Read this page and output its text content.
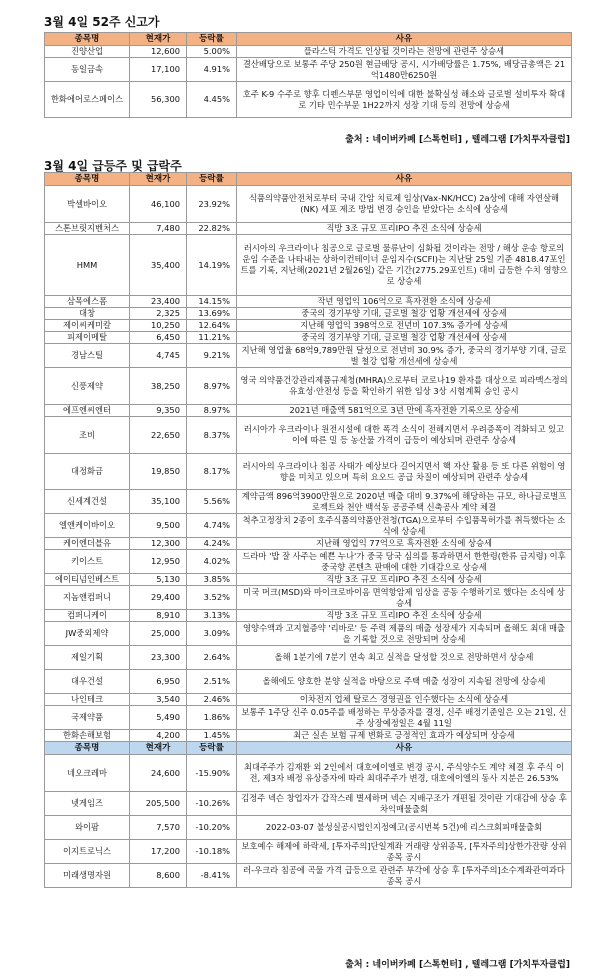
3월 4일 52주 신고가
종목명	현재가	등락률	사유
진양산업	12,600	5.00%	플라스틱 가격도 인상될 것이라는 전망에 관련주 상승세
동일금속	17,100	4.91%	결산배당으로 보통주 주당 250원 현금배당 공시, 시가배당률은 1.75%, 배당금총액은 21억1480만6250원
한화에어로스페이스	56,300	4.45%	호주 K-9 수주로 향후 디펜스부문 영업이익에 대한 불확실성 해소와 글로벌 설비투자 확대로 기타 민수부문 1H22까지 성장 기대 등의 전망에 상승세
출처 : 네이버카페 [스톡헌터] , 텔레그램 [가치투자클럽]
3월 4일 급등주 및 급락주
종목명	현재가	등락률	사유
박셀바이오	46,100	23.92%	식품의약품안전처로부터 국내 간암 치료제 임상(Vax-NK/HCC) 2a상에 대해 자연살해(NK) 세포 제조 방법 변경 승인을 받았다는 소식에 상승세
스톤브릿지벤처스	7,480	22.82%	직방 3조 규모 프리IPO 추진 소식에 상승세
HMM	35,400	14.19%	러시아의 우크라이나 침공으로 글로벌 물류난이 심화될 것이라는 전망 / 해상 운송 항로의 운임 수준을 나타내는 상하이컨테이너 운임지수(SCFI)는 지난달 25일 기준 4818.47포인트를 기록, 지난해(2021년 2월26일) 같은 기간(2775.29포인트) 대비 급등한 수치 영향으로 상승세
삼목에스폼	23,400	14.15%	작년 영업익 106억으로 흑자전환 소식에 상승세
대창	2,325	13.69%	중국의 경기부양 기대, 글로벌 철강 업황 개선세에 상승세
제이씨케미칼	10,250	12.64%	지난해 영업익 398억으로 전년비 107.3% 증가에 상승세
피제이메탈	6,450	11.21%	중국의 경기부양 기대, 글로벌 철강 업황 개선세에 상승세
경남스틸	4,745	9.21%	지난해 영업율 68억9,789만원 달성으로 전년비 30.9% 증가, 중국의 경기부양 기대, 글로벌 철강 업황 개선세에 상승세
신풍제약	38,250	8.97%	영국 의약품건강관리제품규제청(MHRA)으로부터 코로나19 환자를 대상으로 피라맥스정의 유효성·안전성 등을 확인하기 위한 임상 3상 시험계획 승인 공시
에프엔씨엔터	9,350	8.97%	2021년 매출액 581억으로 3년 만에 흑자전환 기록으로 상승세
조비	22,650	8.37%	러시아가 우크라이나 원전시설에 대한 폭격 소식이 전해지면서 우려증폭이 격화되고 있고 이에 따른 밀 등 농산물 가격이 급등이 예상되며 관련주 상승세
대정화금	19,850	8.17%	러시아의 우크라이나 침공 사태가 예상보다 길어지면서 핵 자산 활용 등 또 다른 위험이 영향을 미치고 있으며 특히 요오드 공급 차질이 예상되며 관련주 상승세
신세계건설	35,100	5.56%	계약금액 896억3900만원으로 2020년 매출 대비 9.37%에 해당하는 규모, 하나글로벌프로젝트와 천안 백석동 공공주택 신축공사 계약 체결
엘앤케이바이오	9,500	4.74%	척추고정장치 2종이 호주식품의약품안전청(TGA)으로부터 수입품목허가를 취득했다는 소식에 상승세
케이엔더블유	12,300	4.24%	지난해 영업익 77억으로 흑자전환 소식에 상승세
키이스트	12,950	4.02%	드라마 '밥 잘 사주는 예쁜 누나'가 중국 당국 심의를 통과하면서 한한령(한류 금지령) 이후 중국향 콘텐츠 판매에 대한 기대감으로 상승세
에이티넘인베스트	5,130	3.85%	직방 3조 규모 프리IPO 추진 소식에 상승세
지놈앤컴퍼니	29,400	3.52%	미국 머크(MSD)와 마이크로바이옴 면역항암제 임상을 공동 수행하기로 했다는 소식에 상승세
컴퍼니케이	8,910	3.13%	직방 3조 규모 프리IPO 추진 소식에 상승세
JW중외제약	25,000	3.09%	영양수액과 고지혈증약 '리바로' 등 주력 제품의 매출 성장세가 지속되며 올해도 최대 매출을 기록할 것으로 전망되며 상승세
제일기획	23,300	2.64%	올해 1분기에 7분기 연속 최고 실적을 달성할 것으로 전망하면서 상승세
대우건설	6,950	2.51%	올해에도 양호한 분양 실적을 바탕으로 주택 매출 성장이 지속될 전망에 상승세
나인테크	3,540	2.46%	이차전지 업체 탈로스 경영권을 인수했다는 소식에 상승세
국제약품	5,490	1.86%	보통주 1주당 신주 0.05주를 배정하는 무상증자를 결정, 신주 배정기준일은 오는 21일, 신주 상장예정일은 4월 11일
한화손해보험	4,200	1.45%	최근 실손 보험 규제 변화로 긍정적인 효과가 예상되며 상승세
종목명	현재가	등락률	사유
네오크레마	24,600	-15.90%	최대주주가 김재환 외 2인에서 대호에이엘로 변경 공시, 주식양수도 계약 체결 후 주식 이전, 제3자 배정 유상증자에 따라 최대주주가 변경, 대호에이엘의 동사 지분은 26.53%
넷게임즈	205,500	-10.26%	김정주 넥슨 창업자가 갑작스레 별세하며 넥슨 지배구조가 개편될 것이란 기대감에 상승 후 차익매물출회
와이팜	7,570	-10.20%	2022-03-07 불성실공시법인지정예고(공시번복 5건)에 리스크회피매물출회
이지트로닉스	17,200	-10.18%	보호예수 해제에 하락세, [투자주의]단일계좌 거래량 상위종목, [투자주의]상한가잔량 상위종목 공시
미래생명자원	8,600	-8.41%	러-우크라 침공에 곡물 가격 급등으로 관련주 부각에 상승 후 [투자주의]소수계좌관여과다종목 공시
출처 : 네이버카페 [스톡헌터] , 텔레그램 [가치투자클럽]
